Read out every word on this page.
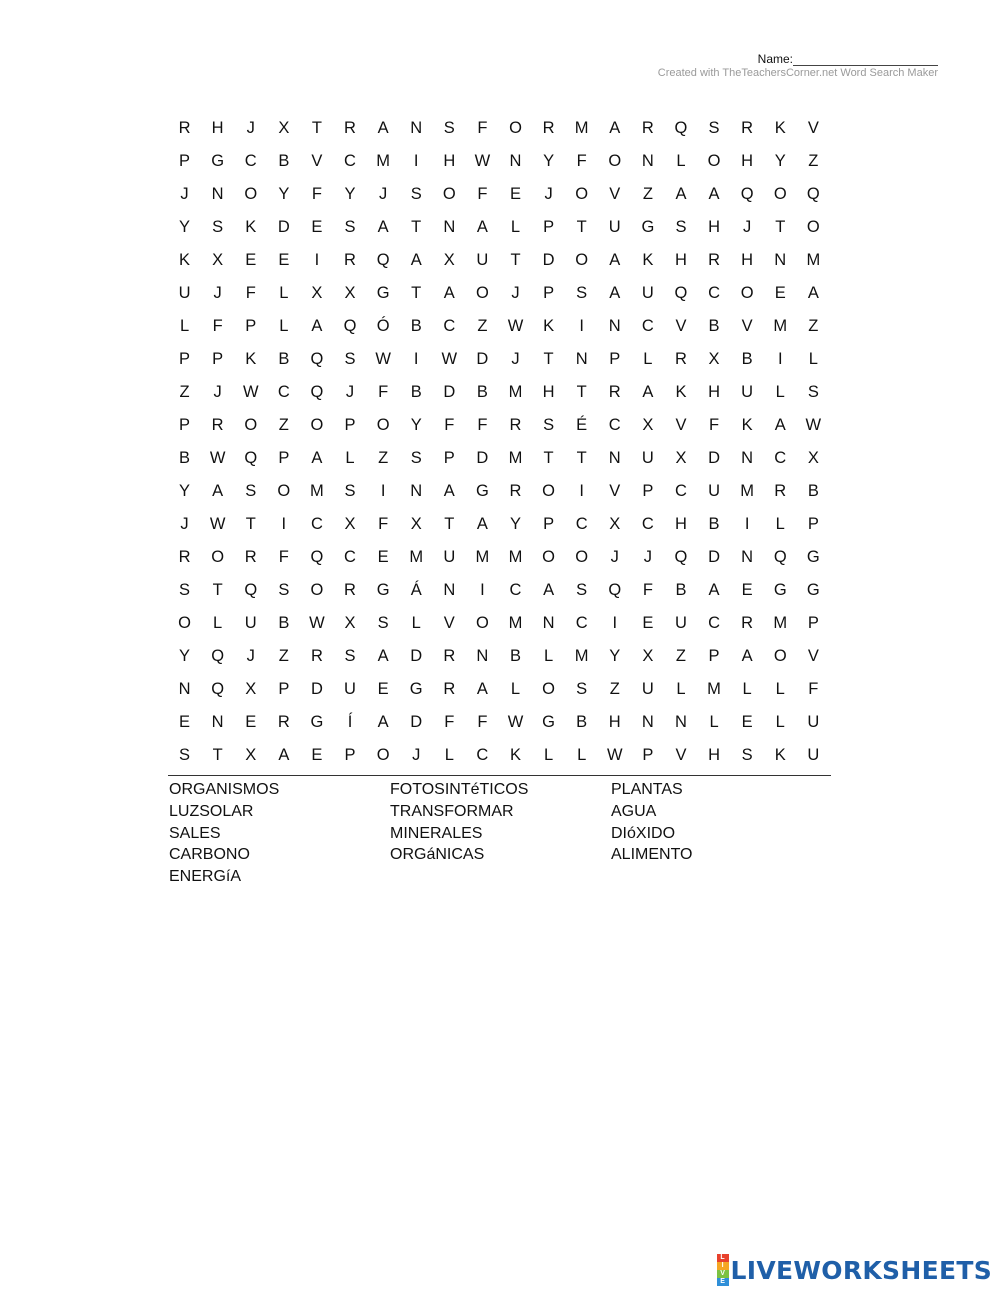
Name:
Created with TheTeachersCorner.net Word Search Maker
R	H	J	X	T	R	A	N	S	F	O	R	M	A	R	Q	S	R	K	V
P	G	C	B	V	C	M	I	H	W	N	Y	F	O	N	L	O	H	Y	Z
J	N	O	Y	F	Y	J	S	O	F	E	J	O	V	Z	A	A	Q	O	Q
Y	S	K	D	E	S	A	T	N	A	L	P	T	U	G	S	H	J	T	O
K	X	E	E	I	R	Q	A	X	U	T	D	O	A	K	H	R	H	N	M
U	J	F	L	X	X	G	T	A	O	J	P	S	A	U	Q	C	O	E	A
L	F	P	L	A	Q	Ó	B	C	Z	W	K	I	N	C	V	B	V	M	Z
P	P	K	B	Q	S	W	I	W	D	J	T	N	P	L	R	X	B	I	L
Z	J	W	C	Q	J	F	B	D	B	M	H	T	R	A	K	H	U	L	S
P	R	O	Z	O	P	O	Y	F	F	R	S	É	C	X	V	F	K	A	W
B	W	Q	P	A	L	Z	S	P	D	M	T	T	N	U	X	D	N	C	X
Y	A	S	O	M	S	I	N	A	G	R	O	I	V	P	C	U	M	R	B
J	W	T	I	C	X	F	X	T	A	Y	P	C	X	C	H	B	I	L	P
R	O	R	F	Q	C	E	M	U	M	M	O	O	J	J	Q	D	N	Q	G
S	T	Q	S	O	R	G	Á	N	I	C	A	S	Q	F	B	A	E	G	G
O	L	U	B	W	X	S	L	V	O	M	N	C	I	E	U	C	R	M	P
Y	Q	J	Z	R	S	A	D	R	N	B	L	M	Y	X	Z	P	A	O	V
N	Q	X	P	D	U	E	G	R	A	L	O	S	Z	U	L	M	L	L	F
E	N	E	R	G	Í	A	D	F	F	W	G	B	H	N	N	L	E	L	U
S	T	X	A	E	P	O	J	L	C	K	L	L	W	P	V	H	S	K	U
ORGANISMOS	FOTOSINTéTICOS	PLANTAS
LUZSOLAR	TRANSFORMAR	AGUA
SALES	MINERALES	DIóXIDO
CARBONO	ORGáNICAS	ALIMENTO
ENERGíA
L
I
V
E LIVEWORKSHEETS
